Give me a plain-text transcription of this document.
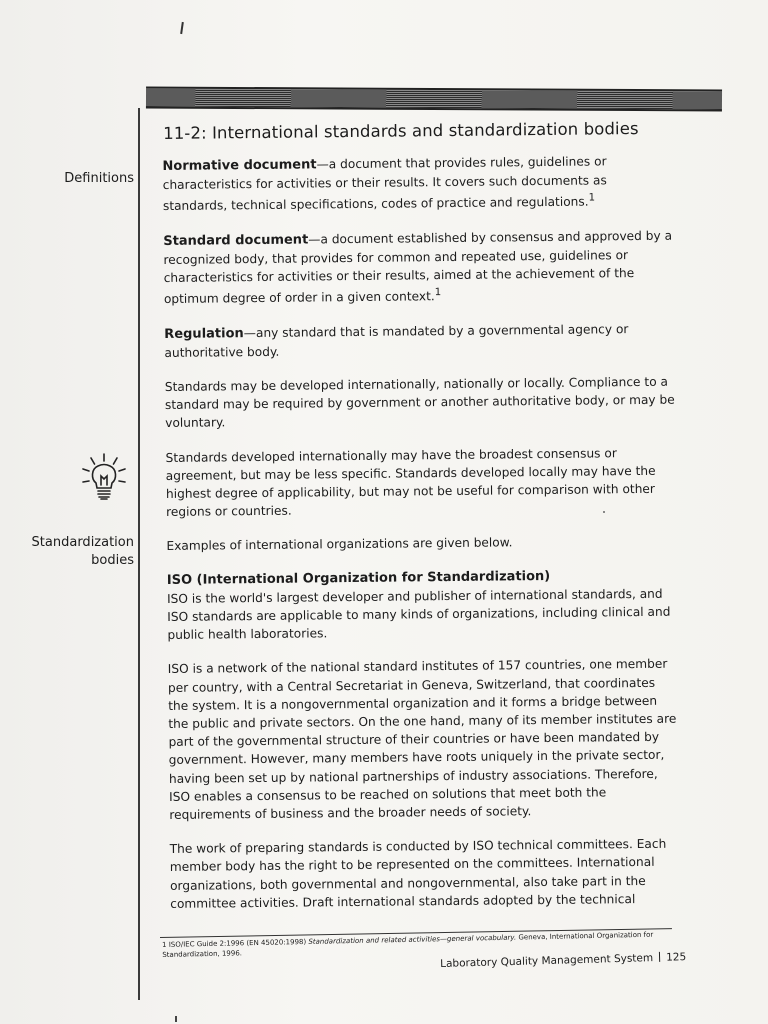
Definitions
Standardization
bodies
11-2: International standards and standardization bodies

Normative document—a document that provides rules, guidelines or characteristics for activities or their results. It covers such documents as standards, technical specifications, codes of practice and regulations.$^1$

Standard document—a document established by consensus and approved by a recognized body, that provides for common and repeated use, guidelines or characteristics for activities or their results, aimed at the achievement of the optimum degree of order in a given context.$^1$

Regulation—any standard that is mandated by a governmental agency or authoritative body.

Standards may be developed internationally, nationally or locally. Compliance to a standard may be required by government or another authoritative body, or may be voluntary.

Standards developed internationally may have the broadest consensus or agreement, but may be less specific. Standards developed locally may have the highest degree of applicability, but may not be useful for comparison with other regions or countries.

Examples of international organizations are given below.

ISO (International Organization for Standardization)
ISO is the world's largest developer and publisher of international standards, and ISO standards are applicable to many kinds of organizations, including clinical and public health laboratories.

ISO is a network of the national standard institutes of 157 countries, one member per country, with a Central Secretariat in Geneva, Switzerland, that coordinates the system. It is a nongovernmental organization and it forms a bridge between the public and private sectors. On the one hand, many of its member institutes are part of the governmental structure of their countries or have been mandated by government. However, many members have roots uniquely in the private sector, having been set up by national partnerships of industry associations. Therefore, ISO enables a consensus to be reached on solutions that meet both the requirements of business and the broader needs of society.

The work of preparing standards is conducted by ISO technical committees. Each member body has the right to be represented on the committees. International organizations, both governmental and nongovernmental, also take part in the committee activities. Draft international standards adopted by the technical

1 ISO/IEC Guide 2:1996 (EN 45020:1998) Standardization and related activities—general vocabulary. Geneva, International Organization for Standardization, 1996.	Laboratory Quality Management System 125
